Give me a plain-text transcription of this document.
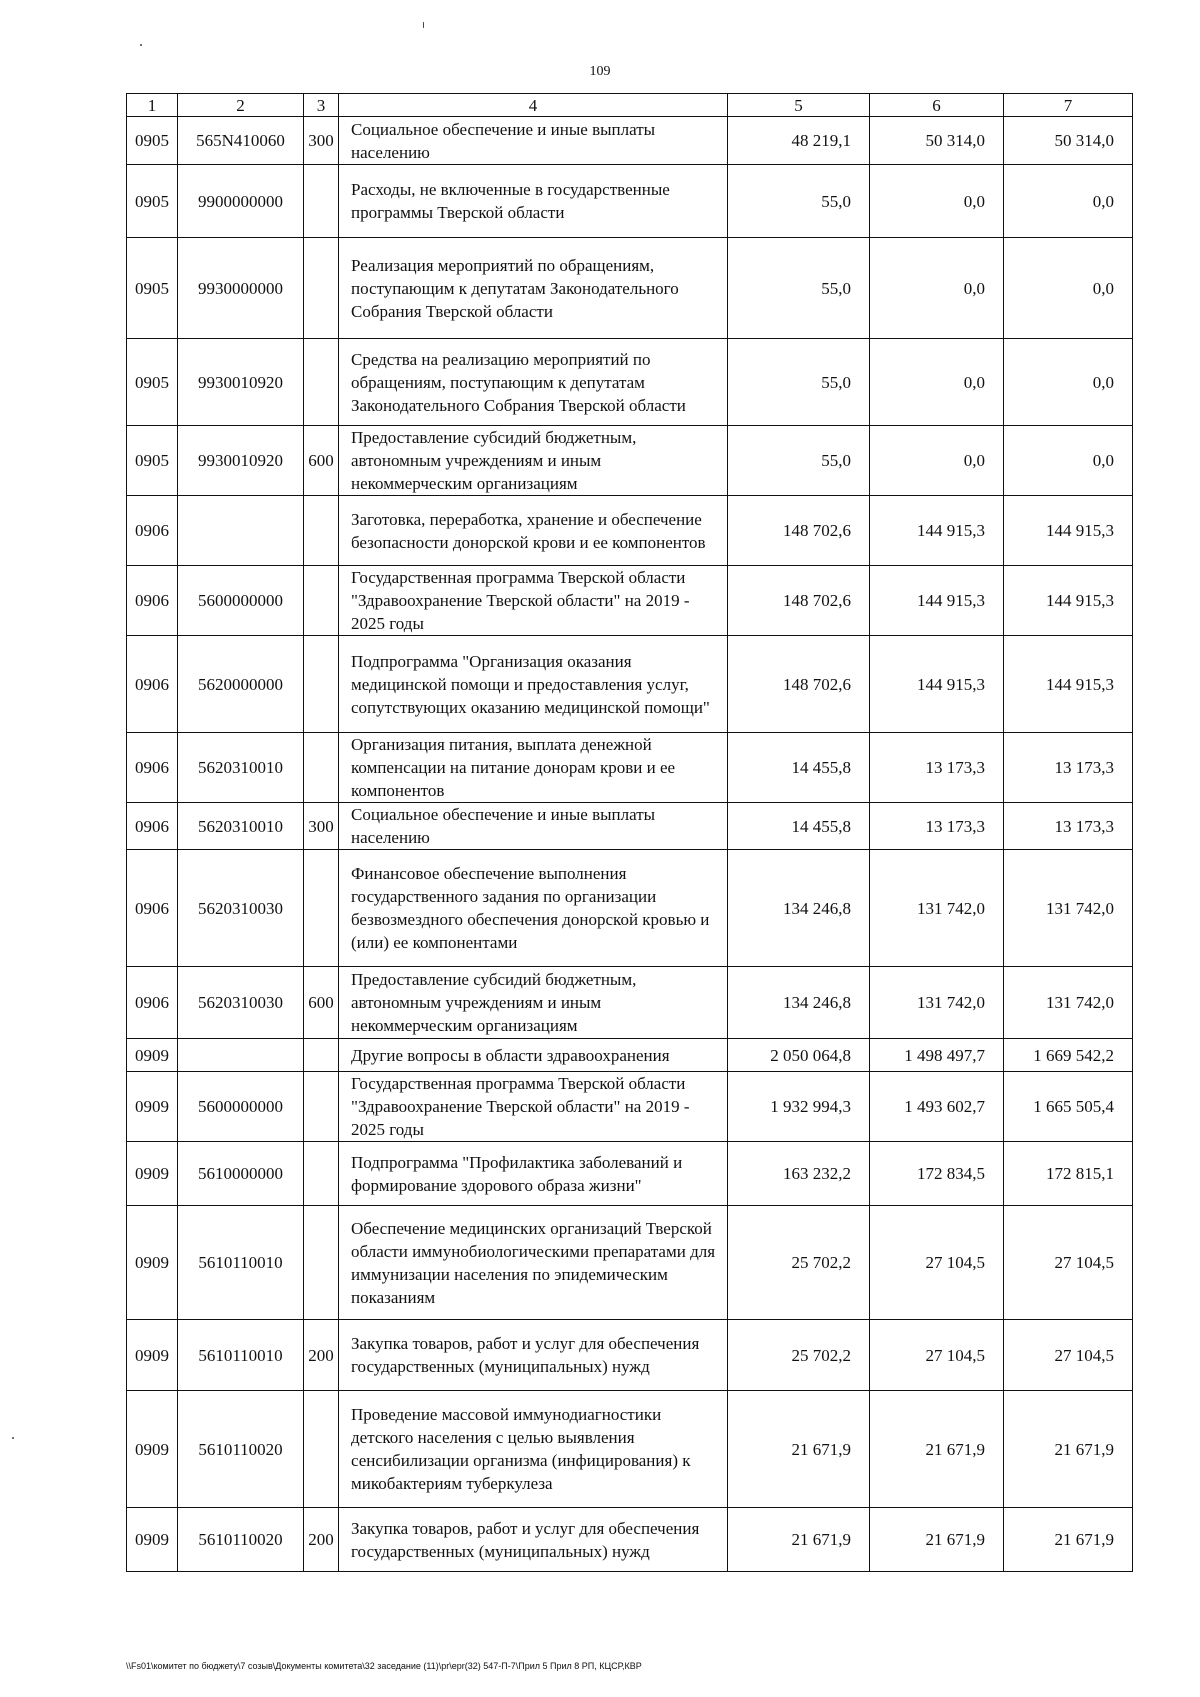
109
1	2	3	4	5	6	7
0905	565N410060	300	Социальное обеспечение и иные выплаты населению	48 219,1	50 314,0	50 314,0
0905	9900000000		Расходы, не включенные в государственные программы Тверской области	55,0	0,0	0,0
0905	9930000000		Реализация мероприятий по обращениям, поступающим к депутатам Законодательного Собрания Тверской области	55,0	0,0	0,0
0905	9930010920		Средства на реализацию мероприятий по обращениям, поступающим к депутатам Законодательного Собрания Тверской области	55,0	0,0	0,0
0905	9930010920	600	Предоставление субсидий бюджетным, автономным учреждениям и иным некоммерческим организациям	55,0	0,0	0,0
0906			Заготовка, переработка, хранение и обеспечение безопасности донорской крови и ее компонентов	148 702,6	144 915,3	144 915,3
0906	5600000000		Государственная программа Тверской области "Здравоохранение Тверской области" на 2019 - 2025 годы	148 702,6	144 915,3	144 915,3
0906	5620000000		Подпрограмма "Организация оказания медицинской помощи и предоставления услуг, сопутствующих оказанию медицинской помощи"	148 702,6	144 915,3	144 915,3
0906	5620310010		Организация питания, выплата денежной компенсации на питание донорам крови и ее компонентов	14 455,8	13 173,3	13 173,3
0906	5620310010	300	Социальное обеспечение и иные выплаты населению	14 455,8	13 173,3	13 173,3
0906	5620310030		Финансовое обеспечение выполнения государственного задания по организации безвозмездного обеспечения донорской кровью и (или) ее компонентами	134 246,8	131 742,0	131 742,0
0906	5620310030	600	Предоставление субсидий бюджетным, автономным учреждениям и иным некоммерческим организациям	134 246,8	131 742,0	131 742,0
0909			Другие вопросы в области здравоохранения	2 050 064,8	1 498 497,7	1 669 542,2
0909	5600000000		Государственная программа Тверской области "Здравоохранение Тверской области" на 2019 - 2025 годы	1 932 994,3	1 493 602,7	1 665 505,4
0909	5610000000		Подпрограмма "Профилактика заболеваний и формирование здорового образа жизни"	163 232,2	172 834,5	172 815,1
0909	5610110010		Обеспечение медицинских организаций Тверской области иммунобиологическими препаратами для иммунизации населения по эпидемическим показаниям	25 702,2	27 104,5	27 104,5
0909	5610110010	200	Закупка товаров, работ и услуг для обеспечения государственных (муниципальных) нужд	25 702,2	27 104,5	27 104,5
0909	5610110020		Проведение массовой иммунодиагностики детского населения с целью выявления сенсибилизации организма (инфицирования) к микобактериям туберкулеза	21 671,9	21 671,9	21 671,9
0909	5610110020	200	Закупка товаров, работ и услуг для обеспечения государственных (муниципальных) нужд	21 671,9	21 671,9	21 671,9
\\Fs01\комитет по бюджету\7 созыв\Документы комитета\32 заседание (11)\pr\epr(32) 547-П-7\Прил 5 Прил 8 РП, КЦСР,КВР
